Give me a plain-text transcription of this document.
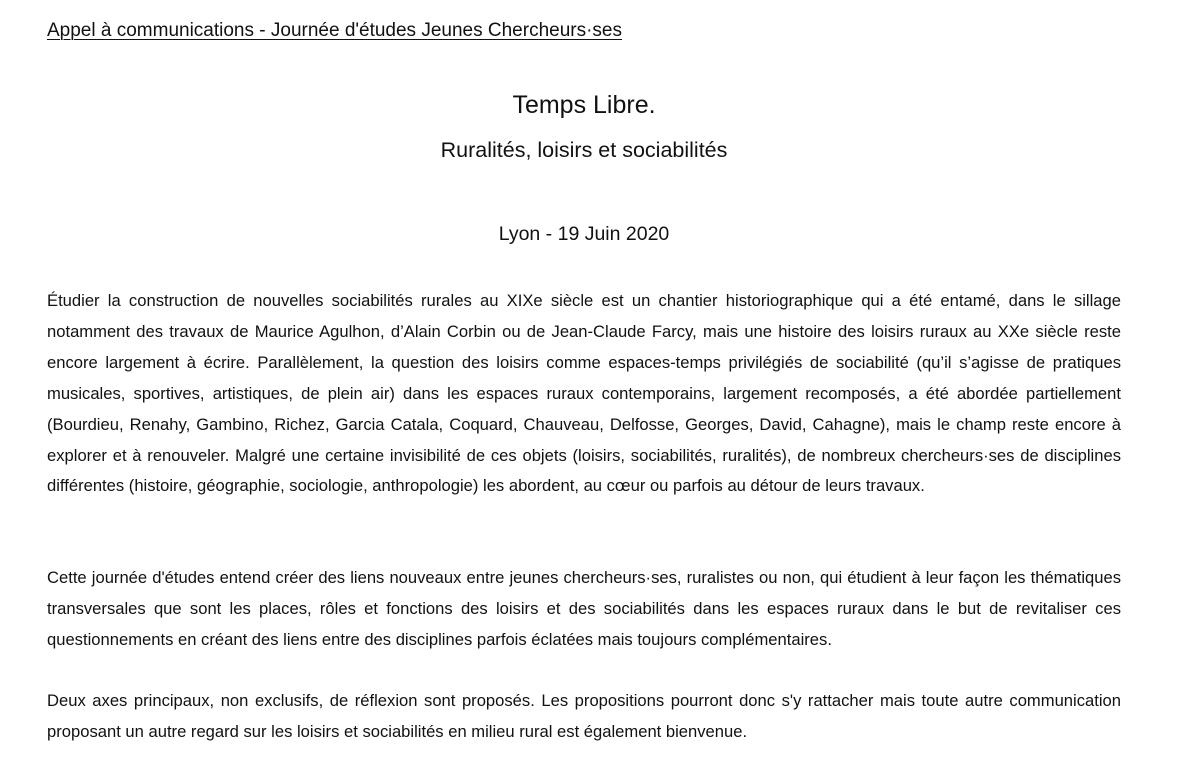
Appel à communications - Journée d'études Jeunes Chercheurs·ses
Temps Libre.
Ruralités, loisirs et sociabilités
Lyon - 19 Juin 2020

Étudier la construction de nouvelles sociabilités rurales au XIXe siècle est un chantier historiographique qui a été entamé, dans le sillage notamment des travaux de Maurice Agulhon, d’Alain Corbin ou de Jean-Claude Farcy, mais une histoire des loisirs ruraux au XXe siècle reste encore largement à écrire. Parallèlement, la question des loisirs comme espaces-temps privilégiés de sociabilité (qu’il s’agisse de pratiques musicales, sportives, artistiques, de plein air) dans les espaces ruraux contemporains, largement recomposés, a été abordée partiellement (Bourdieu, Renahy, Gambino, Richez, Garcia Catala, Coquard, Chauveau, Delfosse, Georges, David, Cahagne), mais le champ reste encore à explorer et à renouveler. Malgré une certaine invisibilité de ces objets (loisirs, sociabilités, ruralités), de nombreux chercheurs·ses de disciplines différentes (histoire, géographie, sociologie, anthropologie) les abordent, au cœur ou parfois au détour de leurs travaux.

Cette journée d'études entend créer des liens nouveaux entre jeunes chercheurs·ses, ruralistes ou non, qui étudient à leur façon les thématiques transversales que sont les places, rôles et fonctions des loisirs et des sociabilités dans les espaces ruraux dans le but de revitaliser ces questionnements en créant des liens entre des disciplines parfois éclatées mais toujours complémentaires.

Deux axes principaux, non exclusifs, de réflexion sont proposés. Les propositions pourront donc s'y rattacher mais toute autre communication proposant un autre regard sur les loisirs et sociabilités en milieu rural est également bienvenue.
